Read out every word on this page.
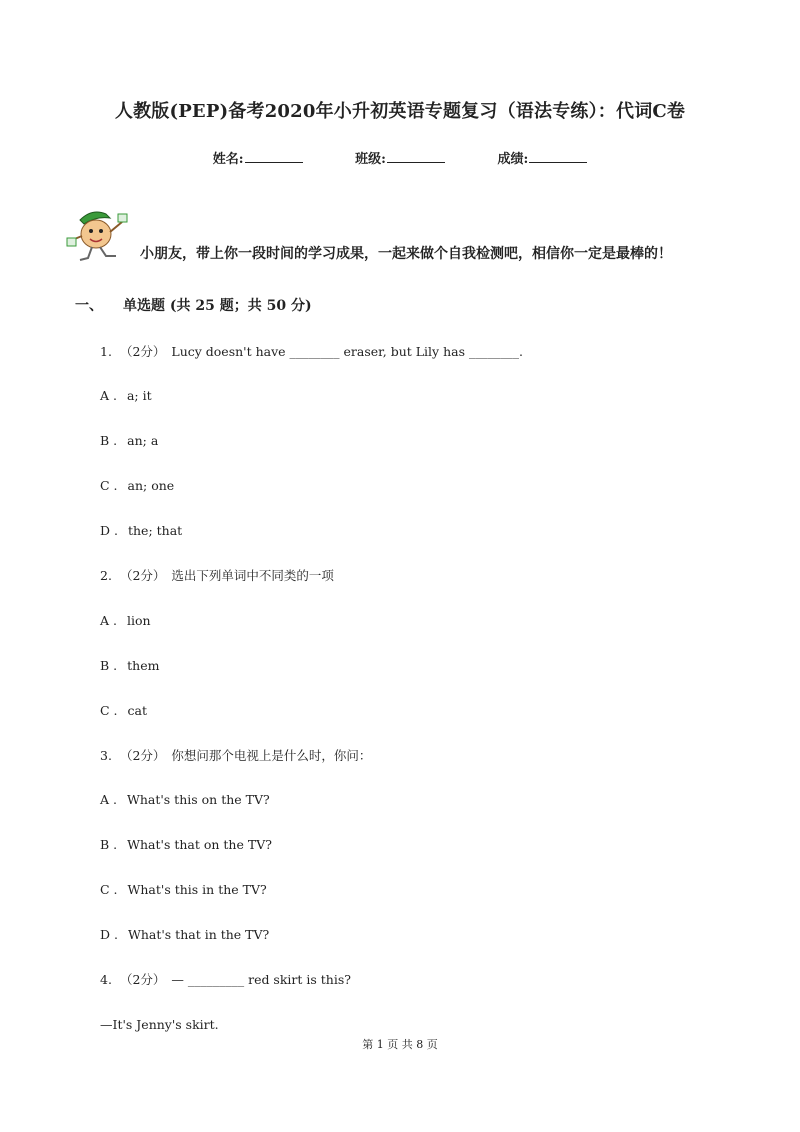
人教版(PEP)备考2020年小升初英语专题复习（语法专练）：代词C卷
姓名:	班级:	成绩:
小朋友，带上你一段时间的学习成果，一起来做个自我检测吧，相信你一定是最棒的！
一、 单选题 (共 25 题；共 50 分)
1. （2分） Lucy doesn't have ________ eraser, but Lily has ________.
A . a; it
B . an; a
C . an; one
D . the; that
2. （2分） 选出下列单词中不同类的一项
A . lion
B . them
C . cat
3. （2分） 你想问那个电视上是什么时，你问：
A . What's this on the TV?
B . What's that on the TV?
C . What's this in the TV?
D . What's that in the TV?
4. （2分） — _________ red skirt is this?
—It's Jenny's skirt.
第 1 页 共 8 页
